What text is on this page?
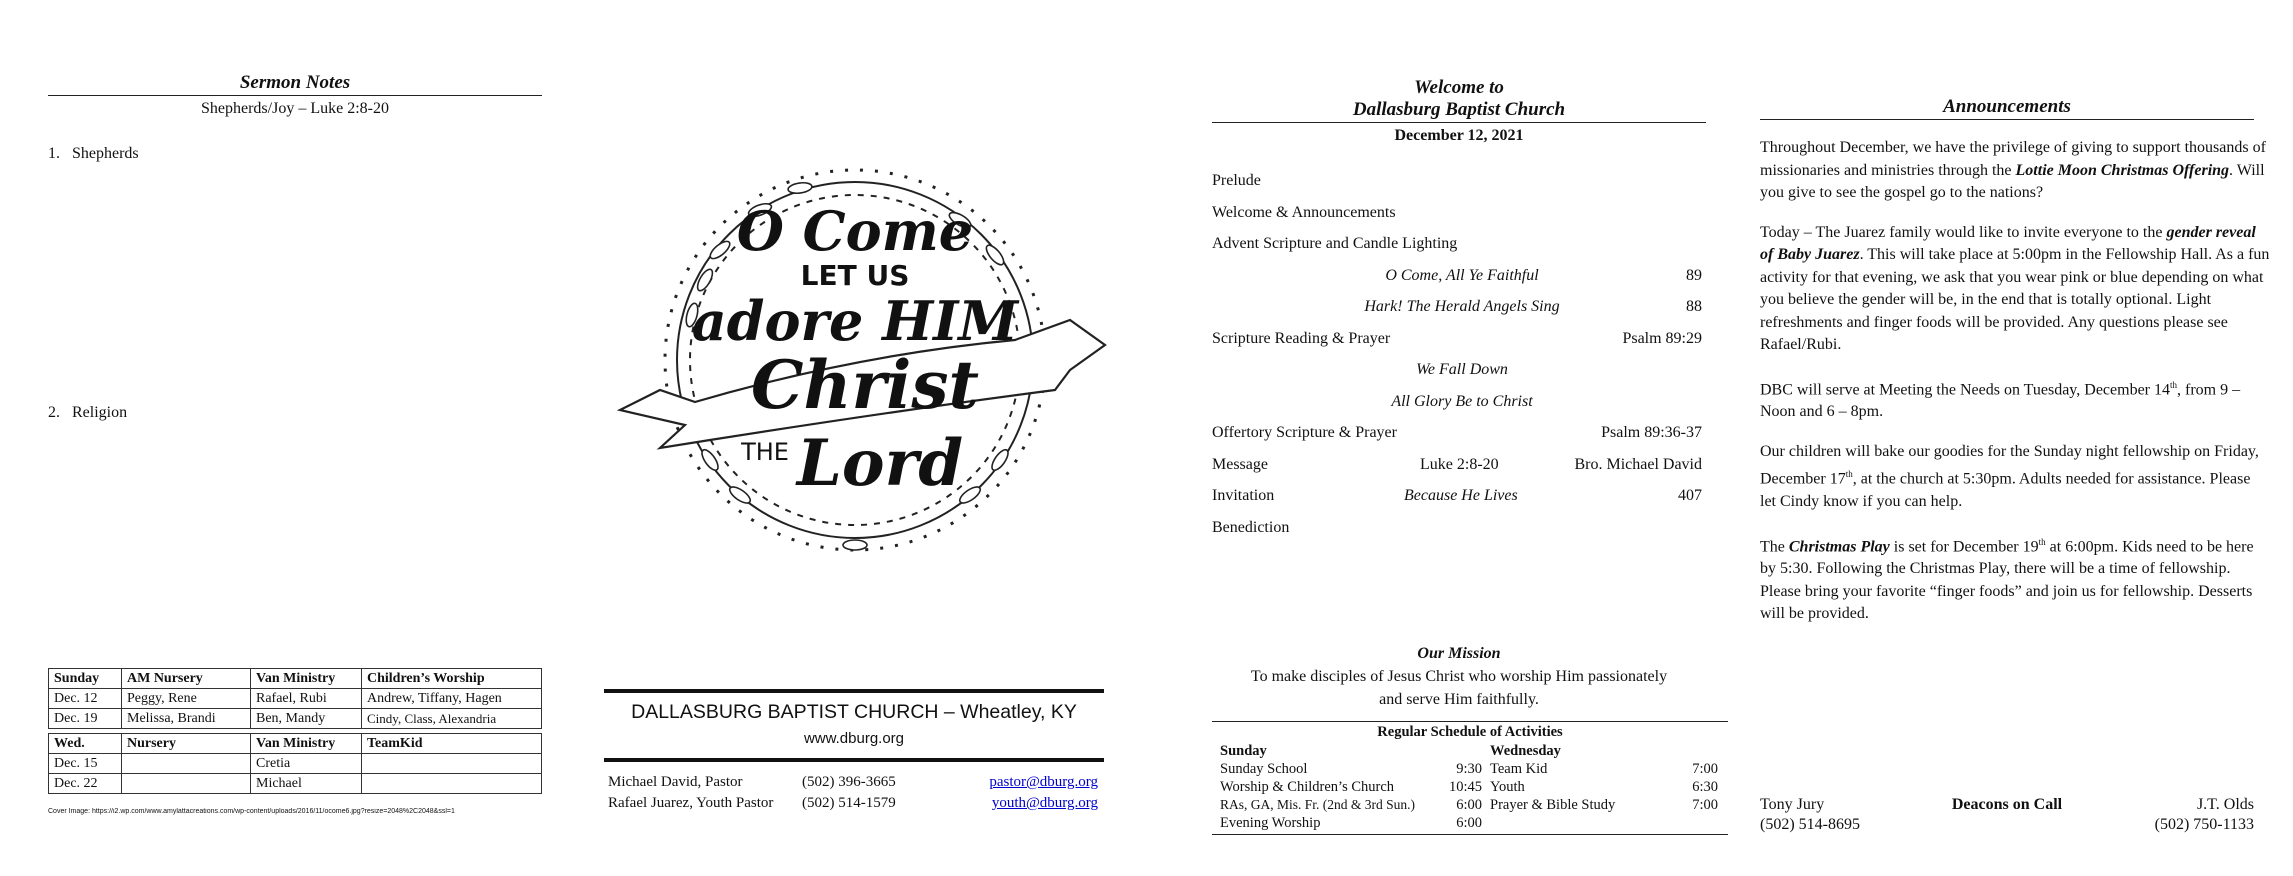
Sermon Notes
Shepherds/Joy – Luke 2:8-20
1.   Shepherds
2.   Religion
Sunday	AM Nursery	Van Ministry	Children’s Worship
Dec. 12	Peggy, Rene	Rafael, Rubi	Andrew, Tiffany, Hagen
Dec. 19	Melissa, Brandi	Ben, Mandy	Cindy, Class, Alexandria
Wed.	Nursery	Van Ministry	TeamKid
Dec. 15		Cretia	
Dec. 22		Michael	
Cover Image: https://i2.wp.com/www.amylattacreations.com/wp-content/uploads/2016/11/ocome6.jpg?resize=2048%2C2048&ssl=1
O Come
LET US
adore HIM
Christ
THE Lord
DALLASBURG BAPTIST CHURCH – Wheatley, KY
www.dburg.org
Michael David, Pastor	(502) 396-3665	pastor@dburg.org
Rafael Juarez, Youth Pastor (502) 514-1579	youth@dburg.org
Welcome to
Dallasburg Baptist Church
December 12, 2021
Prelude
Welcome & Announcements
Advent Scripture and Candle Lighting
O Come, All Ye Faithful	89
Hark! The Herald Angels Sing	88
Scripture Reading & Prayer	Psalm 89:29
We Fall Down
All Glory Be to Christ
Offertory Scripture & Prayer	Psalm 89:36-37
Message	Luke 2:8-20	Bro. Michael David
Invitation	Because He Lives	407
Benediction
Our Mission
To make disciples of Jesus Christ who worship Him passionately
and serve Him faithfully.
Regular Schedule of Activities
Sunday	
Sunday School	9:30
Worship & Children’s Church	10:45
RAs, GA, Mis. Fr. (2nd & 3rd Sun.)	6:00
Evening Worship	6:00
Wednesday	
Team Kid	7:00
Youth	6:30
Prayer & Bible Study	7:00
Announcements

Throughout December, we have the privilege of giving to support thousands of missionaries and ministries through the Lottie Moon Christmas Offering. Will you give to see the gospel go to the nations?

Today – The Juarez family would like to invite everyone to the gender reveal of Baby Juarez. This will take place at 5:00pm in the Fellowship Hall. As a fun activity for that evening, we ask that you wear pink or blue depending on what you believe the gender will be, in the end that is totally optional. Light refreshments and finger foods will be provided. Any questions please see Rafael/Rubi.

DBC will serve at Meeting the Needs on Tuesday, December 14th, from 9 – Noon and 6 – 8pm.

Our children will bake our goodies for the Sunday night fellowship on Friday, December 17th, at the church at 5:30pm. Adults needed for assistance. Please let Cindy know if you can help.

The Christmas Play is set for December 19th at 6:00pm. Kids need to be here by 5:30. Following the Christmas Play, there will be a time of fellowship. Please bring your favorite “finger foods” and join us for fellowship. Desserts will be provided.

Tony Jury
(502) 514-8695
Deacons on Call	J.T. Olds
(502) 750-1133
